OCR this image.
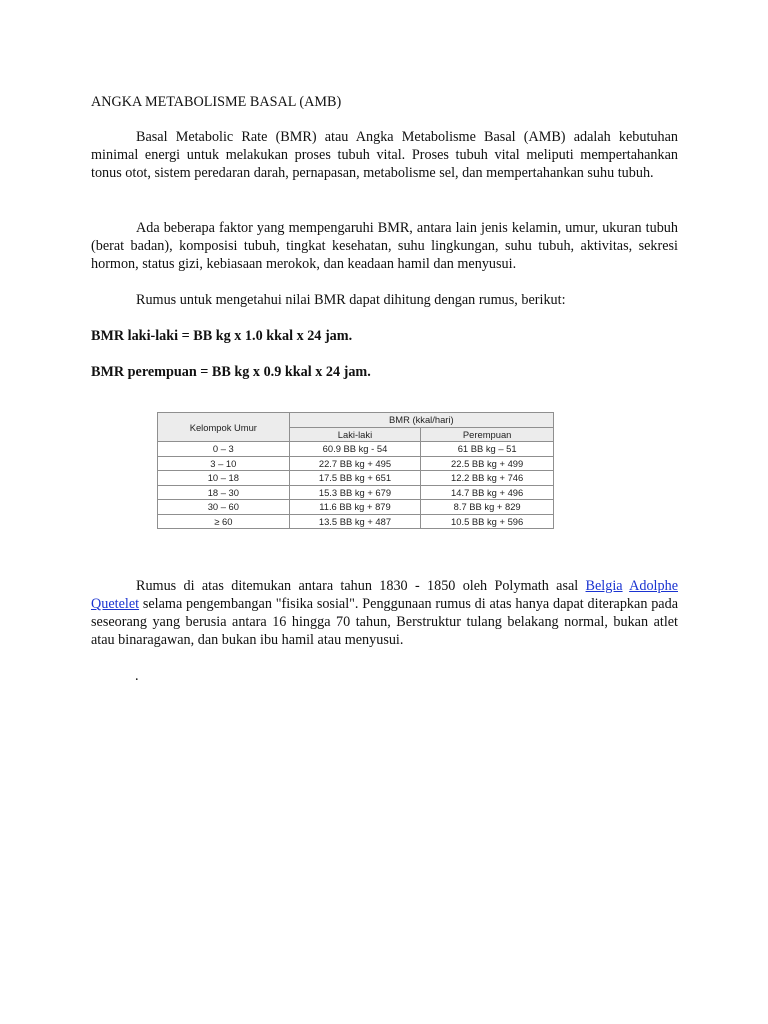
ANGKA METABOLISME BASAL (AMB)

Basal Metabolic Rate (BMR) atau Angka Metabolisme Basal (AMB) adalah kebutuhan minimal energi untuk melakukan proses tubuh vital. Proses tubuh vital meliputi mempertahankan tonus otot, sistem peredaran darah, pernapasan, metabolisme sel, dan mempertahankan suhu tubuh.

Ada beberapa faktor yang mempengaruhi BMR, antara lain jenis kelamin, umur, ukuran tubuh (berat badan), komposisi tubuh, tingkat kesehatan, suhu lingkungan, suhu tubuh, aktivitas, sekresi hormon, status gizi, kebiasaan merokok, dan keadaan hamil dan menyusui.

Rumus untuk mengetahui nilai BMR dapat dihitung dengan rumus, berikut:

BMR laki-laki = BB kg x 1.0 kkal x 24 jam.

BMR perempuan = BB kg x 0.9 kkal x 24 jam.

Kelompok Umur	BMR (kkal/hari)	
	Laki-laki	Perempuan
0 – 3	60.9 BB kg - 54	61 BB kg – 51
3 – 10	22.7 BB kg + 495	22.5 BB kg + 499
10 – 18	17.5 BB kg + 651	12.2 BB kg + 746
18 – 30	15.3 BB kg + 679	14.7 BB kg + 496
30 – 60	11.6 BB kg + 879	8.7 BB kg + 829
≥ 60	13.5 BB kg + 487	10.5 BB kg + 596

Rumus di atas ditemukan antara tahun 1830 - 1850 oleh Polymath asal Belgia Adolphe Quetelet selama pengembangan "fisika sosial". Penggunaan rumus di atas hanya dapat diterapkan pada seseorang yang berusia antara 16 hingga 70 tahun, Berstruktur tulang belakang normal, bukan atlet atau binaragawan, dan bukan ibu hamil atau menyusui.

.
